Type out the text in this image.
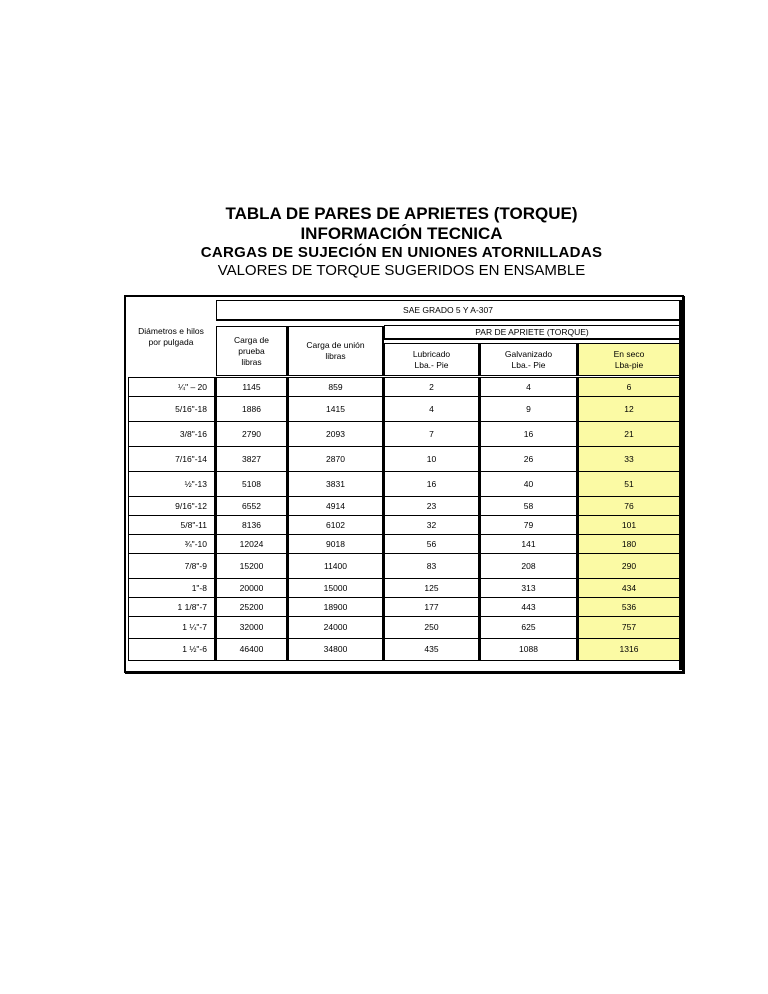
TABLA DE PARES DE APRIETES (TORQUE)
INFORMACIÓN TECNICA
CARGAS DE SUJECIÓN EN UNIONES ATORNILLADAS
VALORES DE TORQUE SUGERIDOS EN ENSAMBLE
Diámetros e hilos por pulgada
SAE GRADO 5 Y A-307
Carga de prueba libras
Carga de unión libras
PAR DE APRIETE (TORQUE)
Lubricado Lba.- Pie
Galvanizado Lba.- Pie
En seco Lba-pie
¼" – 20	1145	859	2	4	6
5/16"-18	1886	1415	4	9	12
3/8"-16	2790	2093	7	16	21
7/16"-14	3827	2870	10	26	33
½"-13	5108	3831	16	40	51
9/16"-12	6552	4914	23	58	76
5/8"-11	8136	6102	32	79	101
¾"-10	12024	9018	56	141	180
7/8"-9	15200	11400	83	208	290
1"-8	20000	15000	125	313	434
1 1/8"-7	25200	18900	177	443	536
1 ¼"-7	32000	24000	250	625	757
1 ½"-6	46400	34800	435	1088	1316
